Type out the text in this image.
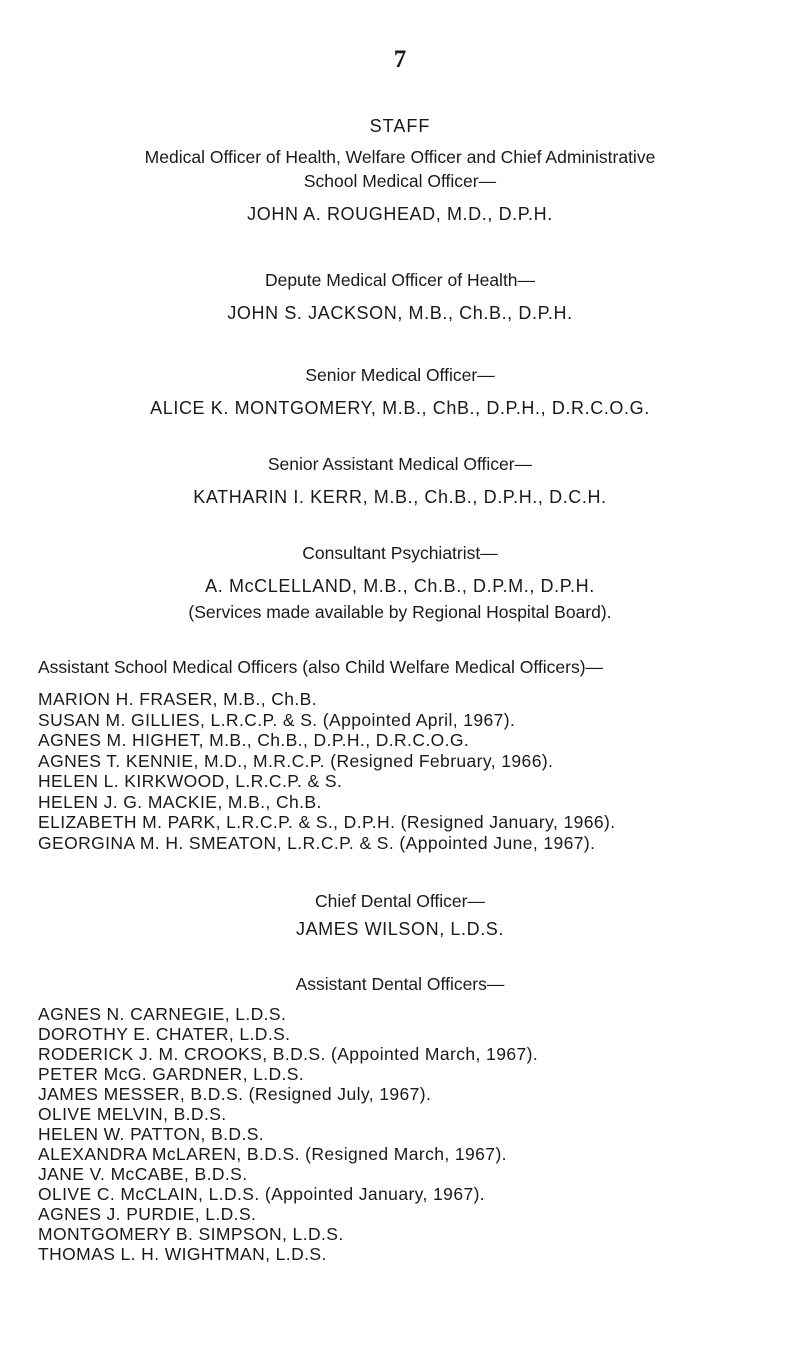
7
STAFF
Medical Officer of Health, Welfare Officer and Chief Administrative
School Medical Officer—
JOHN A. ROUGHEAD, M.D., D.P.H.
Depute Medical Officer of Health—
JOHN S. JACKSON, M.B., Ch.B., D.P.H.
Senior Medical Officer—
ALICE K. MONTGOMERY, M.B., ChB., D.P.H., D.R.C.O.G.
Senior Assistant Medical Officer—
KATHARIN I. KERR, M.B., Ch.B., D.P.H., D.C.H.
Consultant Psychiatrist—
A. McCLELLAND, M.B., Ch.B., D.P.M., D.P.H.
(Services made available by Regional Hospital Board).
Assistant School Medical Officers (also Child Welfare Medical Officers)—
MARION H. FRASER, M.B., Ch.B.
SUSAN M. GILLIES, L.R.C.P. & S. (Appointed April, 1967).
AGNES M. HIGHET, M.B., Ch.B., D.P.H., D.R.C.O.G.
AGNES T. KENNIE, M.D., M.R.C.P. (Resigned February, 1966).
HELEN L. KIRKWOOD, L.R.C.P. & S.
HELEN J. G. MACKIE, M.B., Ch.B.
ELIZABETH M. PARK, L.R.C.P. & S., D.P.H. (Resigned January, 1966).
GEORGINA M. H. SMEATON, L.R.C.P. & S. (Appointed June, 1967).
Chief Dental Officer—
JAMES WILSON, L.D.S.
Assistant Dental Officers—
AGNES N. CARNEGIE, L.D.S.
DOROTHY E. CHATER, L.D.S.
RODERICK J. M. CROOKS, B.D.S. (Appointed March, 1967).
PETER McG. GARDNER, L.D.S.
JAMES MESSER, B.D.S. (Resigned July, 1967).
OLIVE MELVIN, B.D.S.
HELEN W. PATTON, B.D.S.
ALEXANDRA McLAREN, B.D.S. (Resigned March, 1967).
JANE V. McCABE, B.D.S.
OLIVE C. McCLAIN, L.D.S. (Appointed January, 1967).
AGNES J. PURDIE, L.D.S.
MONTGOMERY B. SIMPSON, L.D.S.
THOMAS L. H. WIGHTMAN, L.D.S.
